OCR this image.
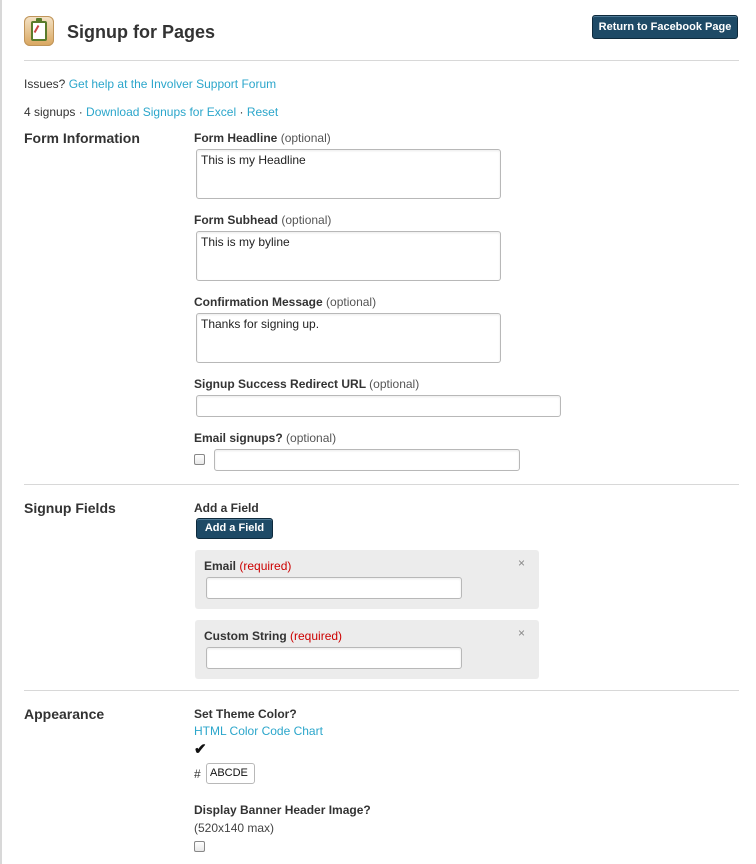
Signup for Pages	Return to Facebook Page
Issues? Get help at the Involver Support Forum
4 signups · Download Signups for Excel · Reset
Form Information	Form Headline (optional)
This is my Headline
Form Subhead (optional)
This is my byline
Confirmation Message (optional)
Thanks for signing up.
Signup Success Redirect URL (optional)
Email signups? (optional)
Signup Fields	Add a Field
Add a Field
Email (required)	×
Custom String (required)	×
Appearance	Set Theme Color?
HTML Color Code Chart
✔
# ABCDE
Display Banner Header Image?
(520x140 max)
